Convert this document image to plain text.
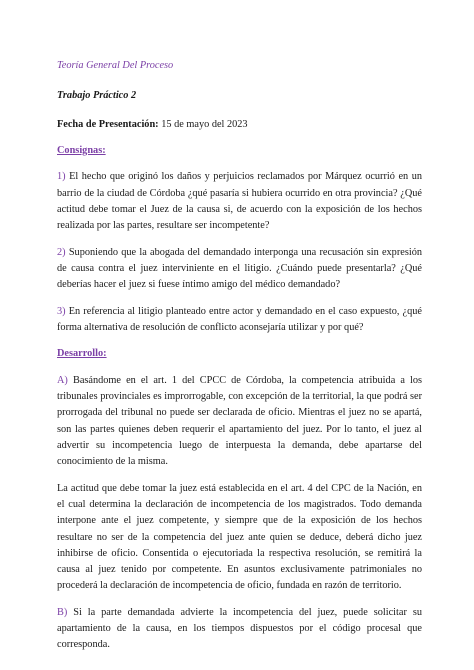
Teoría General Del Proceso

Trabajo Práctico 2

Fecha de Presentación: 15 de mayo del 2023

Consignas:

1) El hecho que originó los daños y perjuicios reclamados por Márquez ocurrió en un barrio de la ciudad de Córdoba ¿qué pasaría si hubiera ocurrido en otra provincia? ¿Qué actitud debe tomar el Juez de la causa si, de acuerdo con la exposición de los hechos realizada por las partes, resultare ser incompetente?

2) Suponiendo que la abogada del demandado interponga una recusación sin expresión de causa contra el juez interviniente en el litigio. ¿Cuándo puede presentarla? ¿Qué deberías hacer el juez si fuese íntimo amigo del médico demandado?

3) En referencia al litigio planteado entre actor y demandado en el caso expuesto, ¿qué forma alternativa de resolución de conflicto aconsejaría utilizar y por qué?

Desarrollo:

A) Basándome en el art. 1 del CPCC de Córdoba, la competencia atribuida a los tribunales provinciales es improrrogable, con excepción de la territorial, la que podrá ser prorrogada del tribunal no puede ser declarada de oficio. Mientras el juez no se apartá, son las partes quienes deben requerir el apartamiento del juez. Por lo tanto, el juez al advertir su incompetencia luego de interpuesta la demanda, debe apartarse del conocimiento de la misma.

La actitud que debe tomar la juez está establecida en el art. 4 del CPC de la Nación, en el cual determina la declaración de incompetencia de los magistrados. Todo demanda interpone ante el juez competente, y siempre que de la exposición de los hechos resultare no ser de la competencia del juez ante quien se deduce, deberá dicho juez inhibirse de oficio. Consentida o ejecutoriada la respectiva resolución, se remitirá la causa al juez tenido por competente. En asuntos exclusivamente patrimoniales no procederá la declaración de incompetencia de oficio, fundada en razón de territorio.

B) Si la parte demandada advierte la incompetencia del juez, puede solicitar su apartamiento de la causa, en los tiempos dispuestos por el código procesal que corresponda.
